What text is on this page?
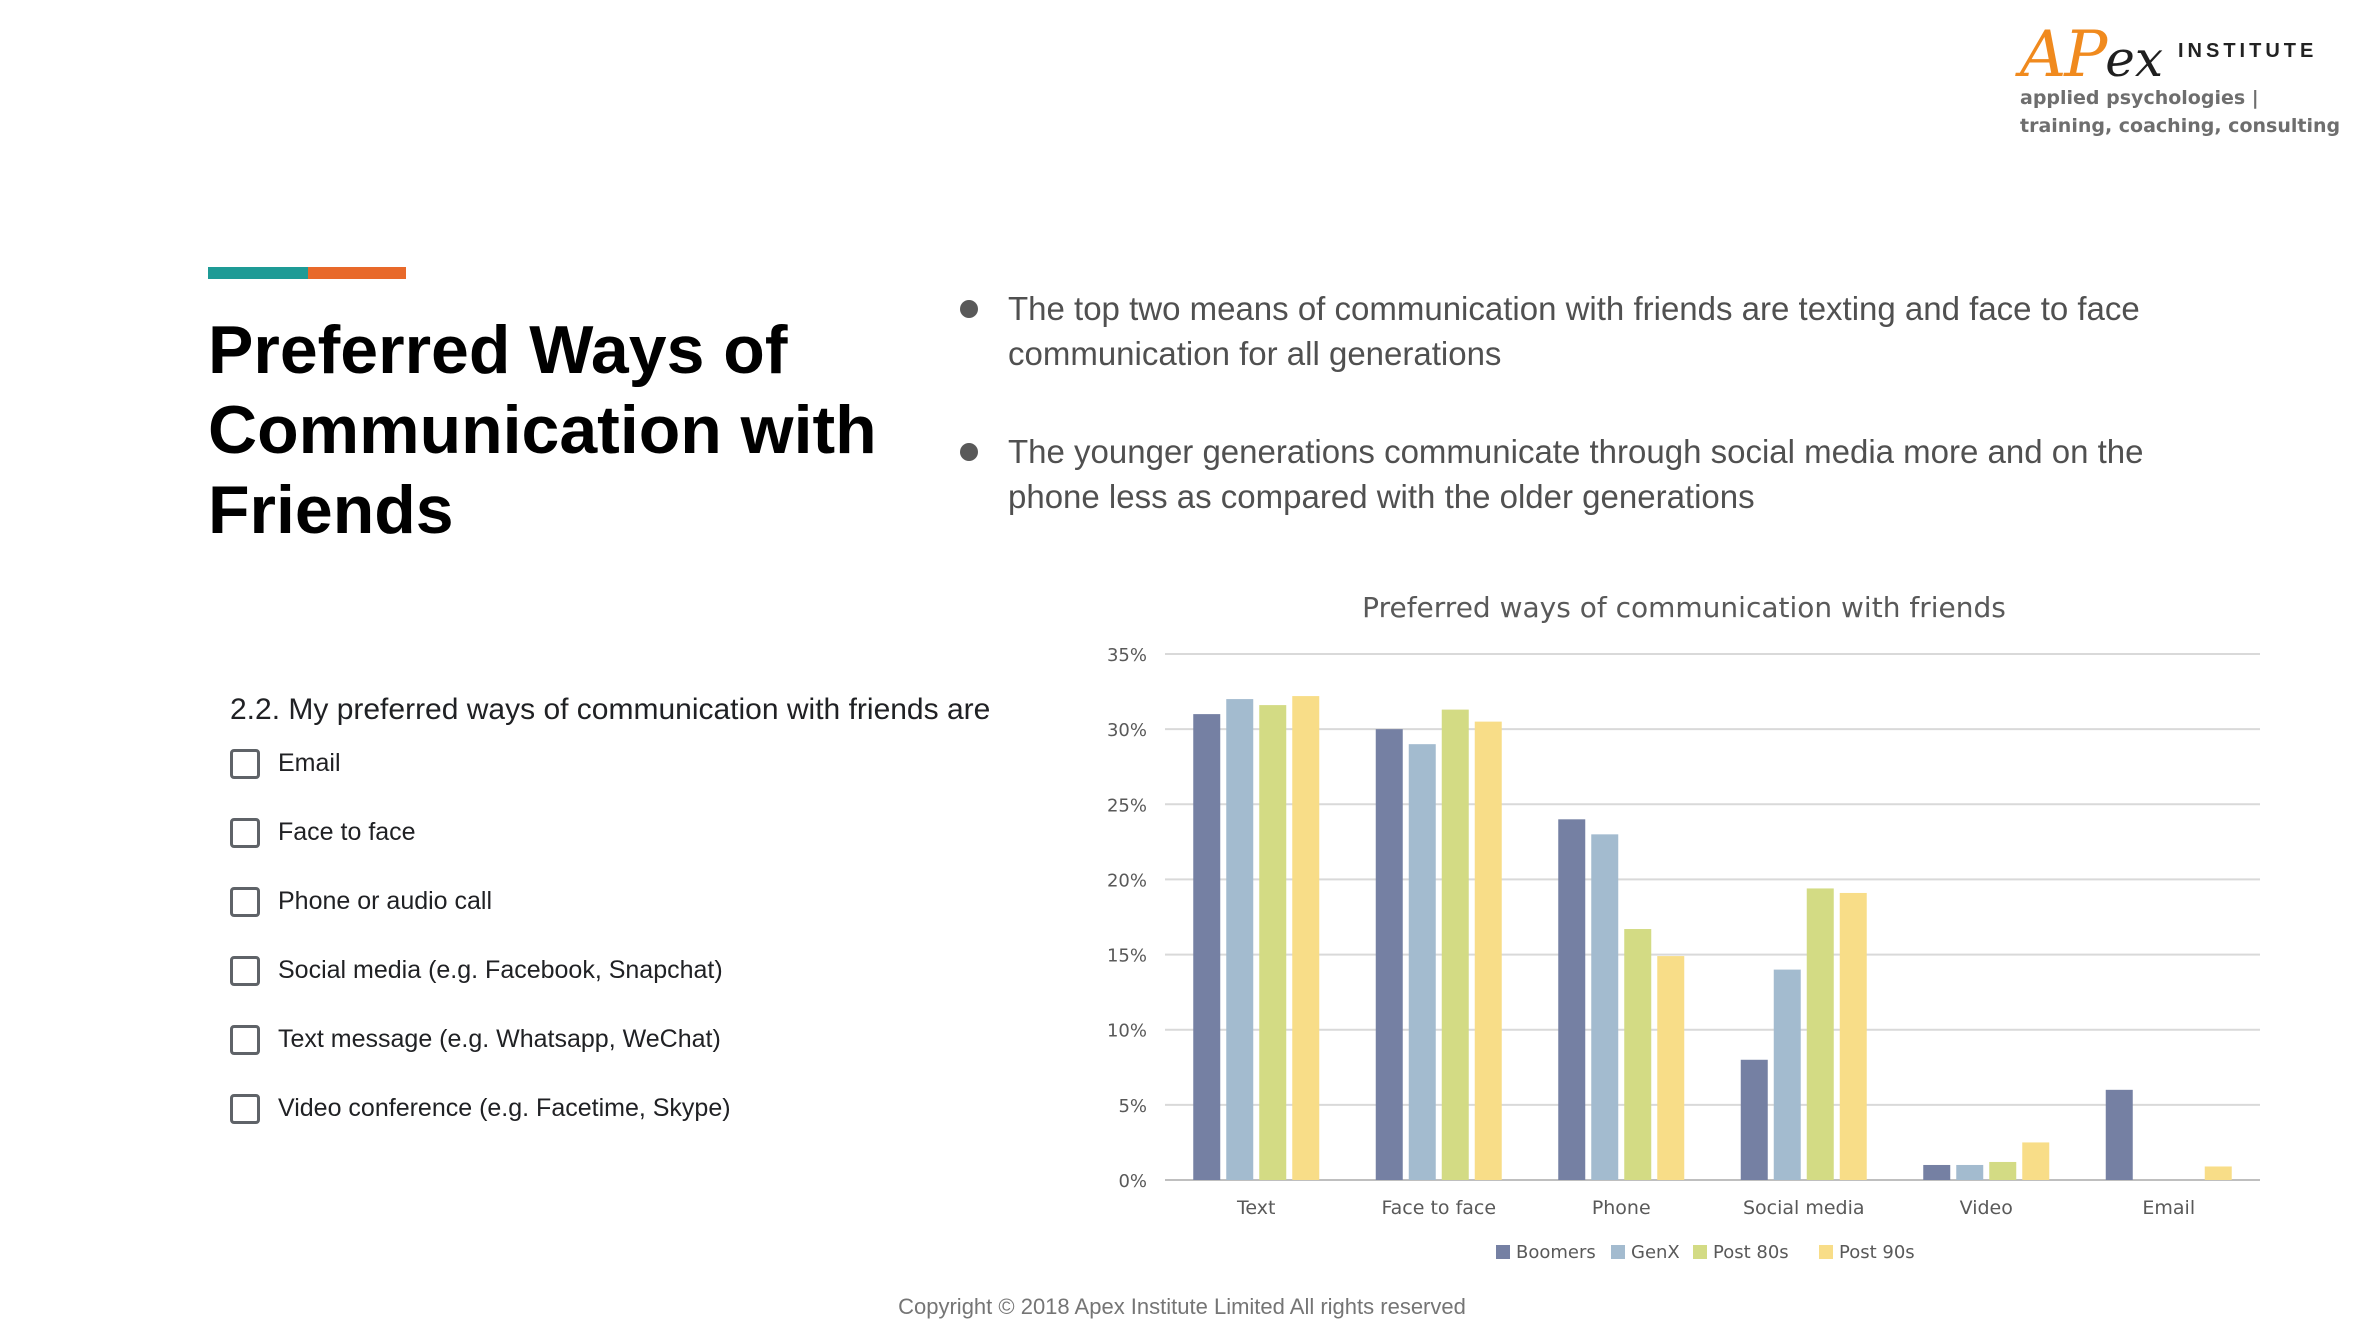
APex INSTITUTE
applied psychologies |
training, coaching, consulting
Preferred Ways of Communication with Friends
The top two means of communication with friends are texting and face to face communication for all generations
The younger generations communicate through social media more and on the phone less as compared with the older generations
2.2. My preferred ways of communication with friends are
Email
Face to face
Phone or audio call
Social media (e.g. Facebook, Snapchat)
Text message (e.g. Whatsapp, WeChat)
Video conference (e.g. Facetime, Skype)
Preferred ways of communication with friends
0%
5%
10%
15%
20%
25%
30%
35%
Text	Face to face	Phone	Social media	Video	Email
Boomers GenX Post 80s	Post 90s
Copyright © 2018 Apex Institute Limited All rights reserved
